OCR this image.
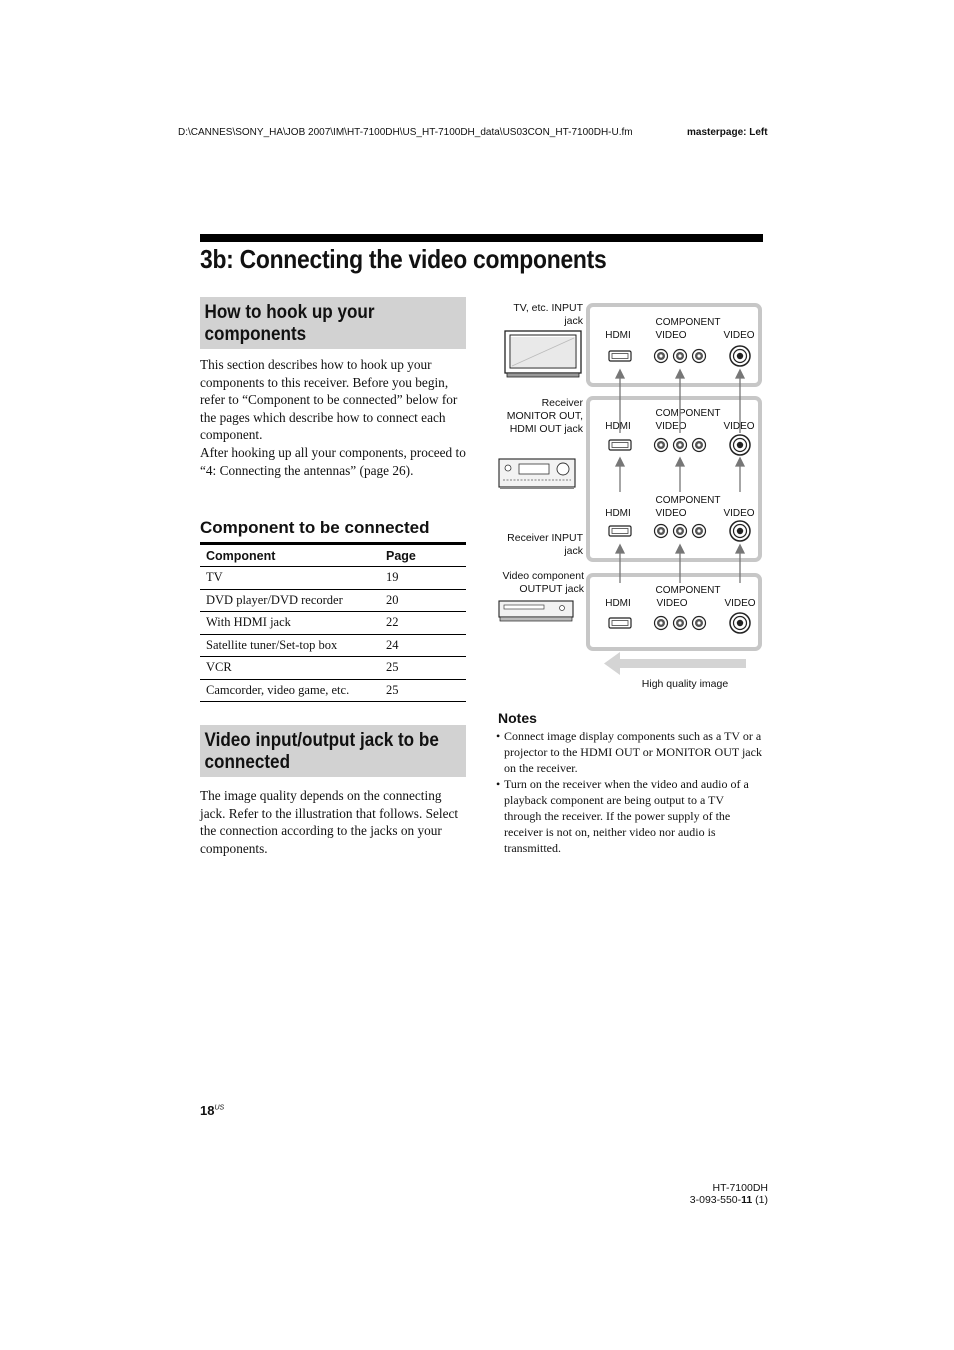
D:\CANNES\SONY_HA\JOB 2007\IM\HT-7100DH\US_HT-7100DH_data\US03CON_HT-7100DH-U.fm	masterpage: Left
3b: Connecting the video components
How to hook up your components
This section describes how to hook up your components to this receiver. Before you begin, refer to “Component to be connected” below for the pages which describe how to connect each component.
After hooking up all your components, proceed to “4: Connecting the antennas” (page 26).
Component to be connected
Component	Page
TV	19
DVD player/DVD recorder	20
With HDMI jack	22
Satellite tuner/Set-top box	24
VCR	25
Camcorder, video game, etc.	25
Video input/output jack to be connected
The image quality depends on the connecting jack. Refer to the illustration that follows. Select the connection according to the jacks on your components.
TV, etc. INPUT
jack
Receiver
MONITOR OUT,
HDMI OUT jack
Receiver INPUT
jack
Video component
OUTPUT jack
HDMI
COMPONENT
VIDEO	VIDEO
HDMI
COMPONENT
VIDEO	VIDEO
HDMI
COMPONENT
VIDEO	VIDEO
HDMI
COMPONENT
VIDEO	VIDEO
High quality image
Notes
• Connect image display components such as a TV or a projector to the HDMI OUT or MONITOR OUT jack on the receiver.
• Turn on the receiver when the video and audio of a playback component are being output to a TV through the receiver. If the power supply of the receiver is not on, neither video nor audio is transmitted.
$18^{US}$
HT-7100DH
3-093-550-11 (1)
